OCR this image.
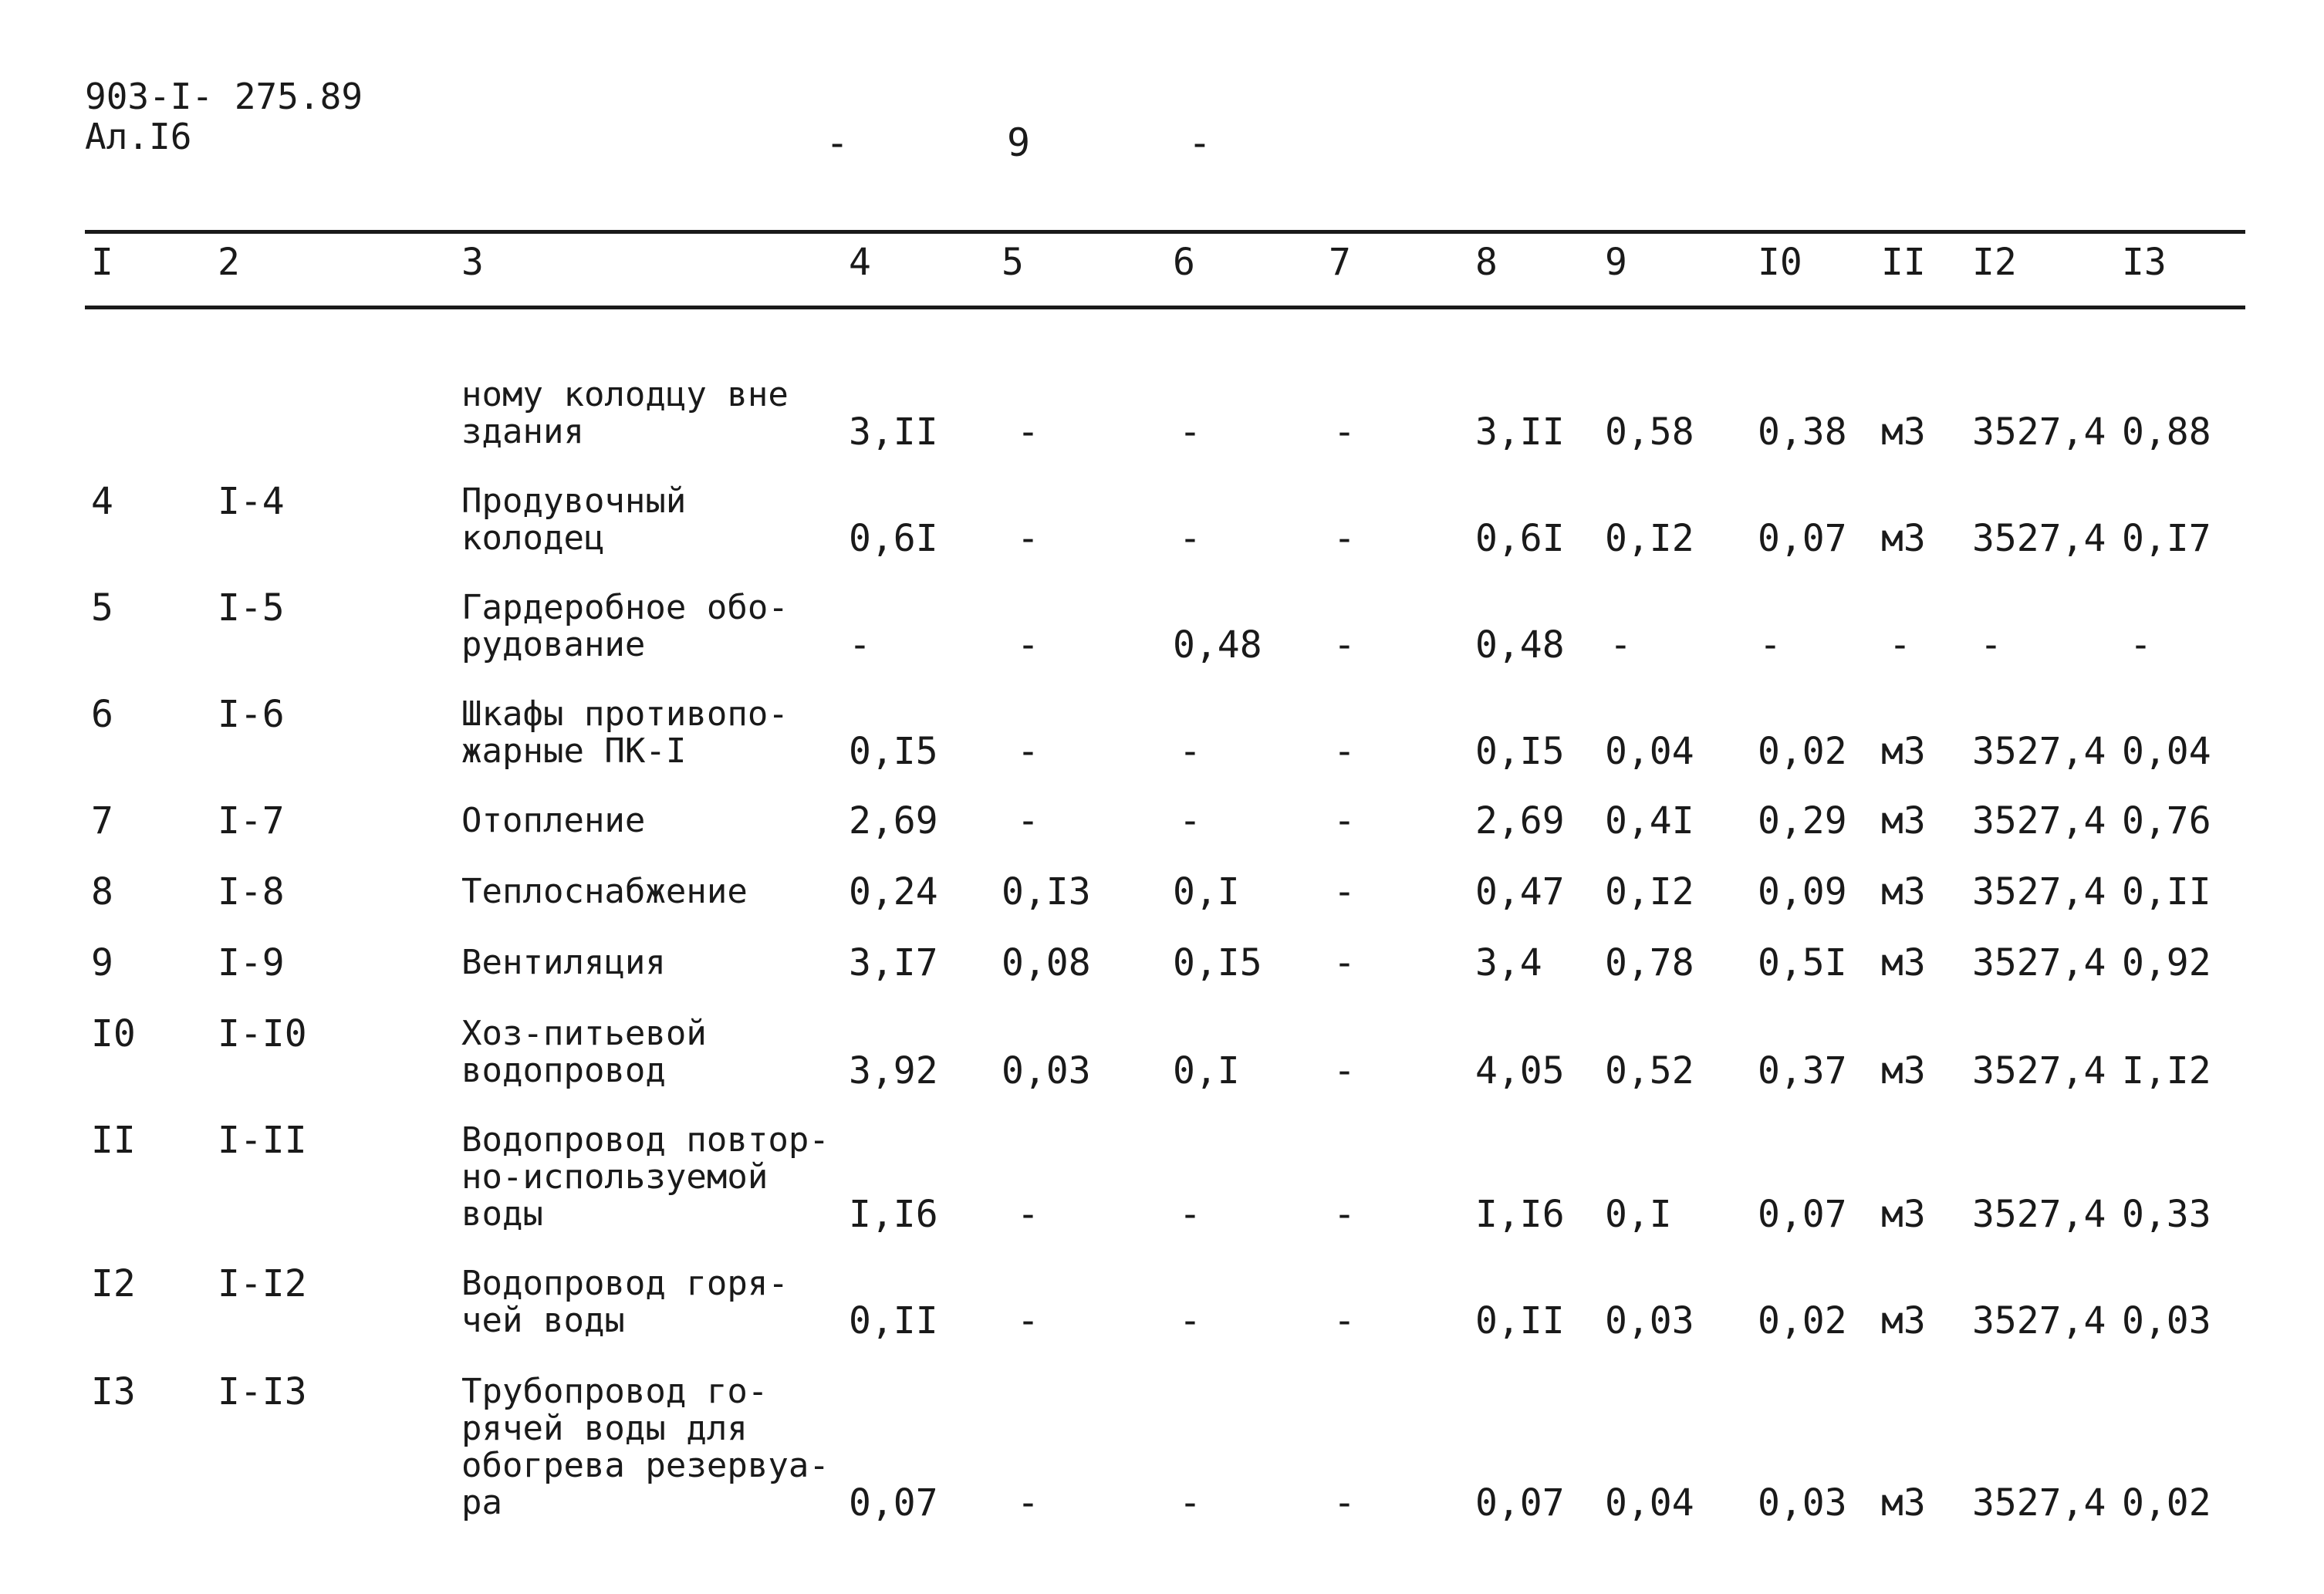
903-I- 275.89
Ал.I6	-	9	-
I	2	3	4	5	6	7	8	9	I0 II I2	I3
ному колодцу вне
здания	3,II -	-	-	3,II 0,58 0,38 м3 3527,4 0,88
4	I-4	Продувочный
колодец	0,6I -	-	-	0,6I 0,I2 0,07 м3 3527,4 0,I7
5	I-5	Гардеробное обо-
рудование	-	-	0,48 -	0,48 -	-	- -	-
6	I-6	Шкафы противопо-
жарные ПК-I	0,I5 -	-	-	0,I5 0,04 0,02 м3 3527,4 0,04
7	I-7	Отопление	2,69 -	-	-	2,69 0,4I 0,29 м3 3527,4 0,76
8	I-8	Теплоснабжение	0,24 0,I3 0,I	-	0,47 0,I2 0,09 м3 3527,4 0,II
9	I-9	Вентиляция	3,I7 0,08 0,I5 -	3,4 0,78 0,5I м3 3527,4 0,92
I0 I-I0	Хоз-питьевой
водопровод	3,92 0,03 0,I	-	4,05 0,52 0,37 м3 3527,4 I,I2
II I-II	Водопровод повтор-
но-используемой
воды	I,I6 -	-	-	I,I6 0,I 0,07 м3 3527,4 0,33
I2 I-I2	Водопровод горя-
чей воды	0,II -	-	-	0,II 0,03 0,02 м3 3527,4 0,03
I3 I-I3	Трубопровод го-
рячей воды для
обогрева резервуа-
ра	0,07 -	-	-	0,07 0,04 0,03 м3 3527,4 0,02
